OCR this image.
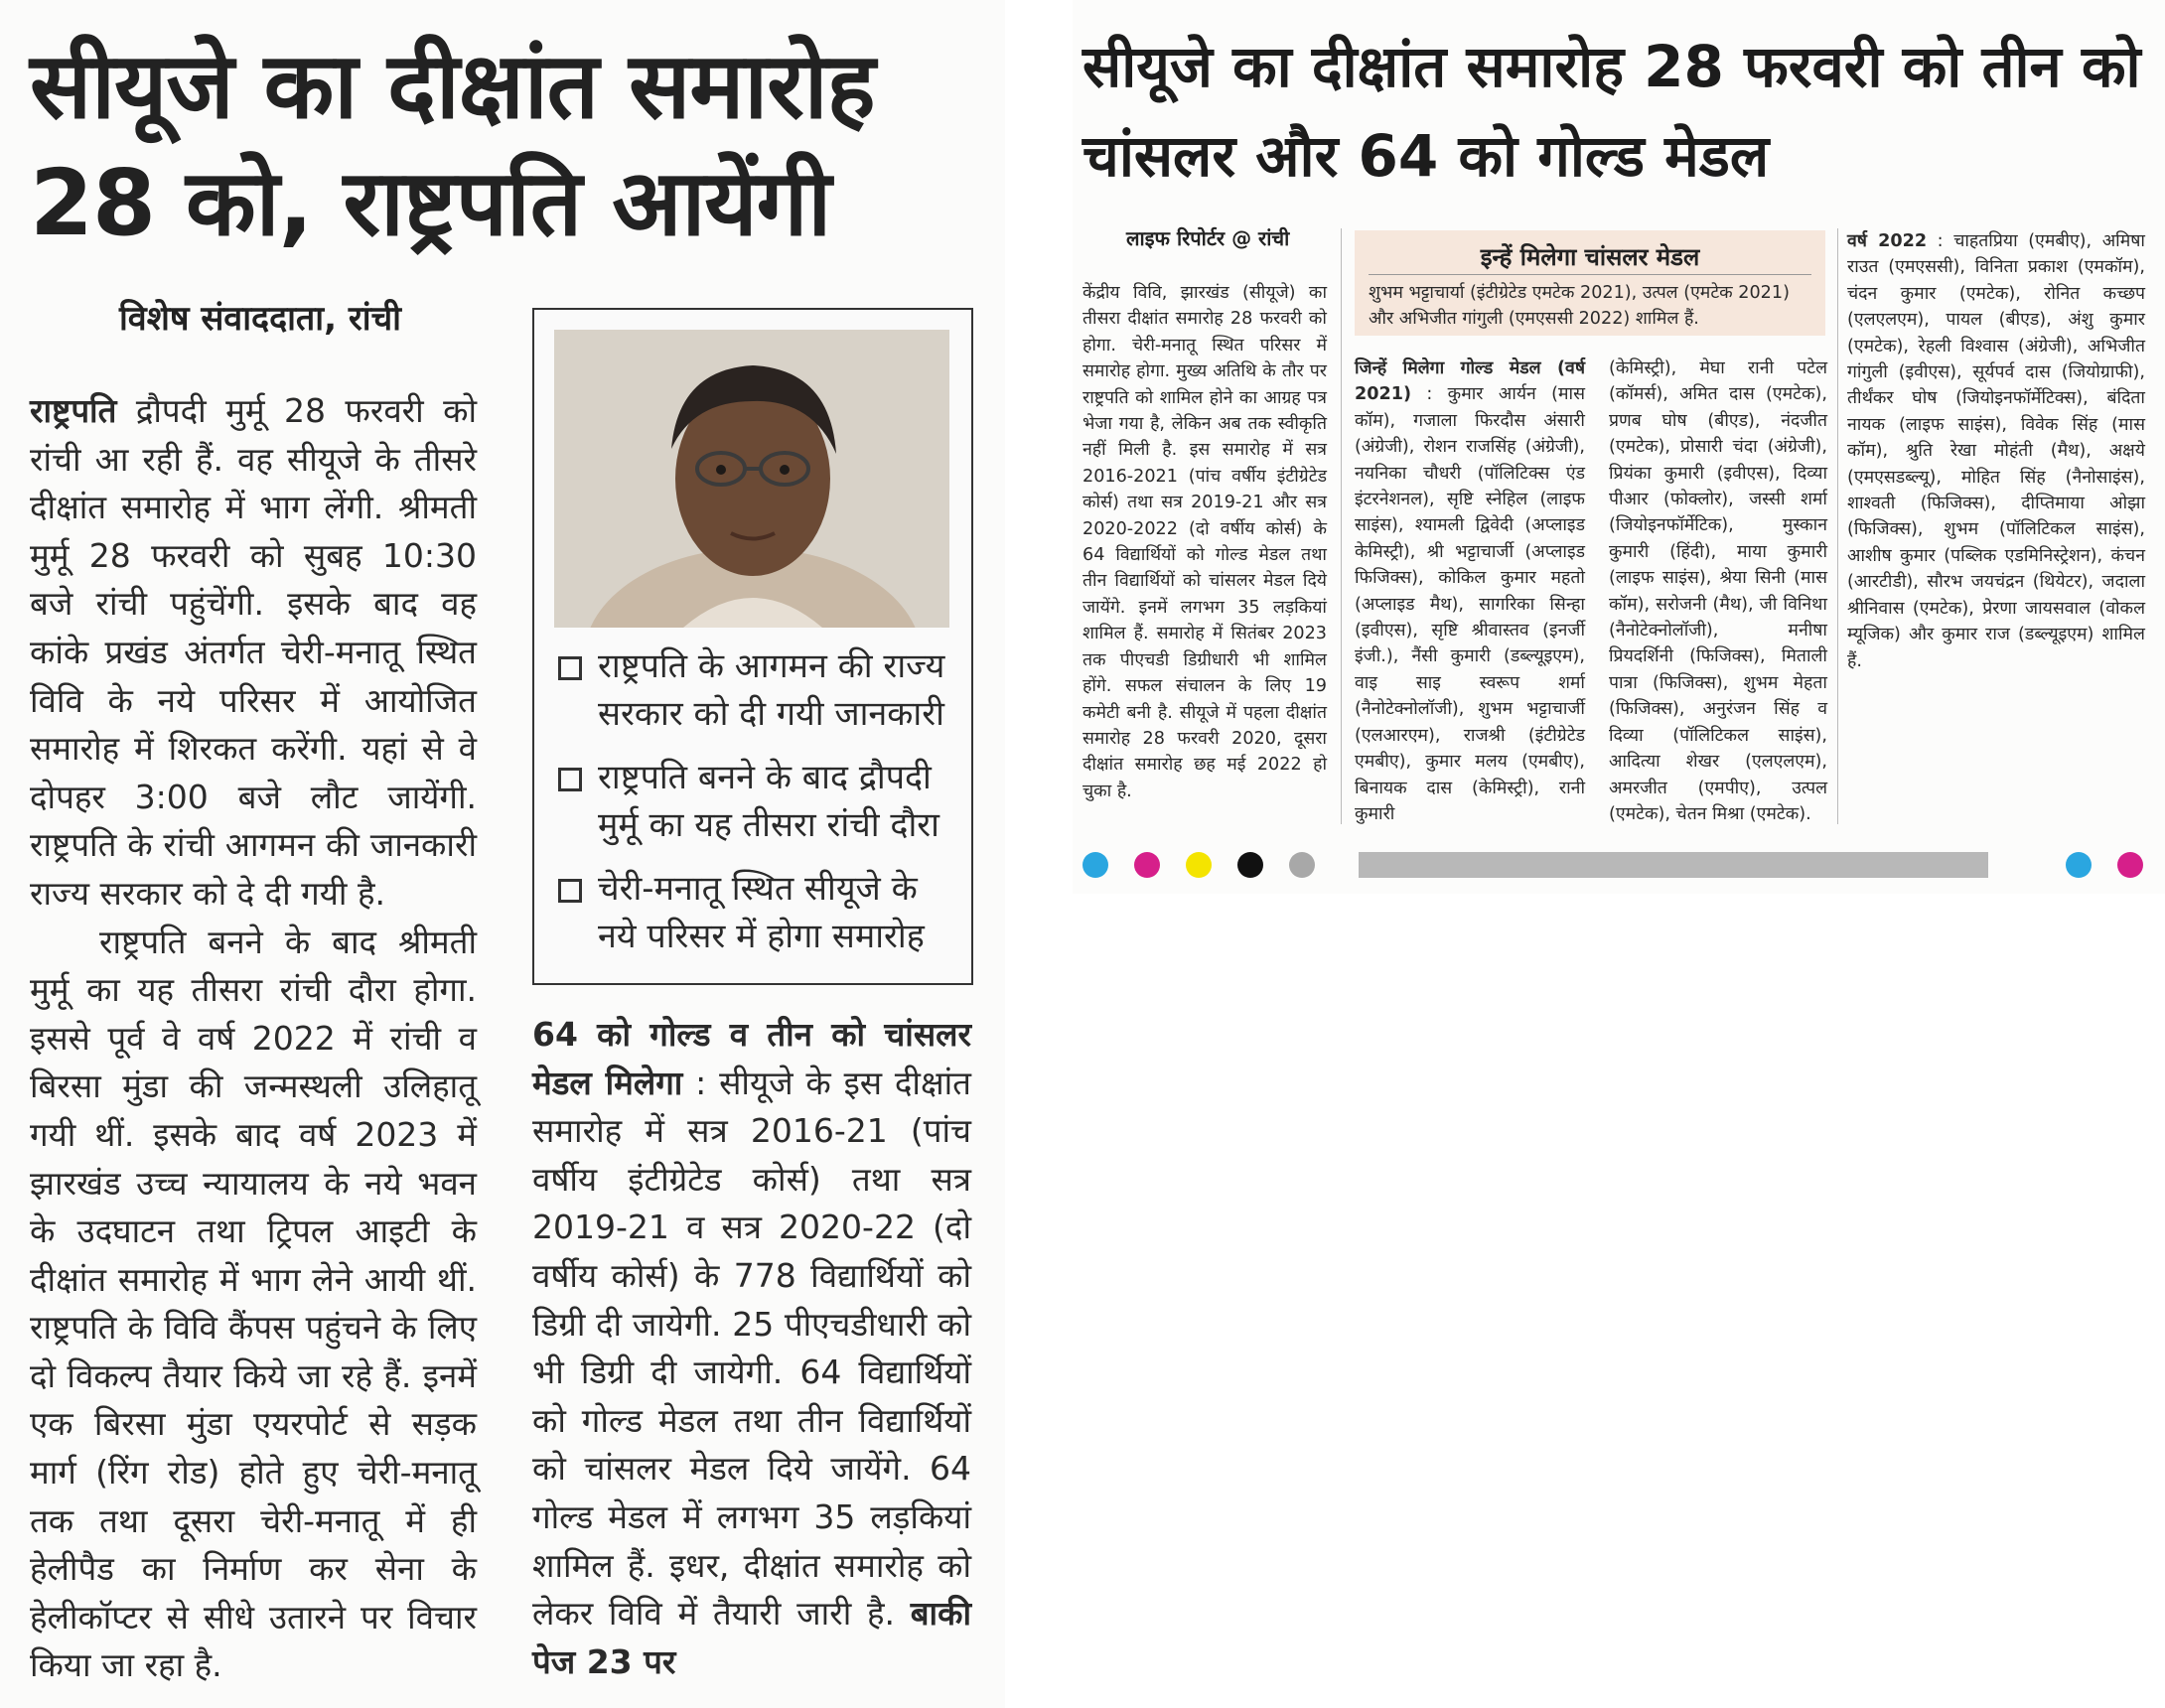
सीयूजे का दीक्षांत समारोह 28 को, राष्ट्रपति आयेंगी
विशेष संवाददाता, रांची

राष्ट्रपति द्रौपदी मुर्मू 28 फरवरी को रांची आ रही हैं. वह सीयूजे के तीसरे दीक्षांत समारोह में भाग लेंगी. श्रीमती मुर्मू 28 फरवरी को सुबह 10:30 बजे रांची पहुंचेंगी. इसके बाद वह कांके प्रखंड अंतर्गत चेरी-मनातू स्थित विवि के नये परिसर में आयोजित समारोह में शिरकत करेंगी. यहां से वे दोपहर 3:00 बजे लौट जायेंगी. राष्ट्रपति के रांची आगमन की जानकारी राज्य सरकार को दे दी गयी है.

राष्ट्रपति बनने के बाद श्रीमती मुर्मू का यह तीसरा रांची दौरा होगा. इससे पूर्व वे वर्ष 2022 में रांची व बिरसा मुंडा की जन्मस्थली उलिहातू गयी थीं. इसके बाद वर्ष 2023 में झारखंड उच्च न्यायालय के नये भवन के उदघाटन तथा ट्रिपल आइटी के दीक्षांत समारोह में भाग लेने आयी थीं. राष्ट्रपति के विवि कैंपस पहुंचने के लिए दो विकल्प तैयार किये जा रहे हैं. इनमें एक बिरसा मुंडा एयरपोर्ट से सड़क मार्ग (रिंग रोड) होते हुए चेरी-मनातू तक तथा दूसरा चेरी-मनातू में ही हेलीपैड का निर्माण कर सेना के हेलीकॉप्टर से सीधे उतारने पर विचार किया जा रहा है.

राष्ट्रपति के आगमन की राज्य सरकार को दी गयी जानकारी
राष्ट्रपति बनने के बाद द्रौपदी मुर्मू का यह तीसरा रांची दौरा
चेरी-मनातू स्थित सीयूजे के नये परिसर में होगा समारोह

64 को गोल्ड व तीन को चांसलर मेडल मिलेगा : सीयूजे के इस दीक्षांत समारोह में सत्र 2016-21 (पांच वर्षीय इंटीग्रेटेड कोर्स) तथा सत्र 2019-21 व सत्र 2020-22 (दो वर्षीय कोर्स) के 778 विद्यार्थियों को डिग्री दी जायेगी. 25 पीएचडीधारी को भी डिग्री दी जायेगी. 64 विद्यार्थियों को गोल्ड मेडल तथा तीन विद्यार्थियों को चांसलर मेडल दिये जायेंगे. 64 गोल्ड मेडल में लगभग 35 लड़कियां शामिल हैं. इधर, दीक्षांत समारोह को लेकर विवि में तैयारी जारी है. बाकी पेज 23 पर

सीयूजे का दीक्षांत समारोह 28 फरवरी को तीन को चांसलर और 64 को गोल्ड मेडल
लाइफ रिपोर्टर @ रांची

केंद्रीय विवि, झारखंड (सीयूजे) का तीसरा दीक्षांत समारोह 28 फरवरी को होगा. चेरी-मनातू स्थित परिसर में समारोह होगा. मुख्य अतिथि के तौर पर राष्ट्रपति को शामिल होने का आग्रह पत्र भेजा गया है, लेकिन अब तक स्वीकृति नहीं मिली है. इस समारोह में सत्र 2016-2021 (पांच वर्षीय इंटीग्रेटेड कोर्स) तथा सत्र 2019-21 और सत्र 2020-2022 (दो वर्षीय कोर्स) के 64 विद्यार्थियों को गोल्ड मेडल तथा तीन विद्यार्थियों को चांसलर मेडल दिये जायेंगे. इनमें लगभग 35 लड़कियां शामिल हैं. समारोह में सितंबर 2023 तक पीएचडी डिग्रीधारी भी शामिल होंगे. सफल संचालन के लिए 19 कमेटी बनी है. सीयूजे में पहला दीक्षांत समारोह 28 फरवरी 2020, दूसरा दीक्षांत समारोह छह मई 2022 हो चुका है.

इन्हें मिलेगा चांसलर मेडल
शुभम भट्टाचार्या (इंटीग्रेटेड एमटेक 2021), उत्पल (एमटेक 2021) और अभिजीत गांगुली (एमएससी 2022) शामिल हैं.

जिन्हें मिलेगा गोल्ड मेडल (वर्ष 2021) : कुमार आर्यन (मास कॉम), गजाला फिरदौस अंसारी (अंग्रेजी), रोशन राजसिंह (अंग्रेजी), नयनिका चौधरी (पॉलिटिक्स एंड इंटरनेशनल), सृष्टि स्नेहिल (लाइफ साइंस), श्यामली द्विवेदी (अप्लाइड केमिस्ट्री), श्री भट्टाचार्जी (अप्लाइड फिजिक्स), कोकिल कुमार महतो (अप्लाइड मैथ), सागरिका सिन्हा (इवीएस), सृष्टि श्रीवास्तव (इनर्जी इंजी.), नैंसी कुमारी (डब्ल्यूइएम), वाइ साइ स्वरूप शर्मा (नैनोटेक्नोलॉजी), शुभम भट्टाचार्जी (एलआरएम), राजश्री (इंटीग्रेटेड एमबीए), कुमार मलय (एमबीए), बिनायक दास (केमिस्ट्री), रानी कुमारी

(केमिस्ट्री), मेघा रानी पटेल (कॉमर्स), अमित दास (एमटेक), प्रणब घोष (बीएड), नंदजीत (एमटेक), प्रोसारी चंदा (अंग्रेजी), प्रियंका कुमारी (इवीएस), दिव्या पीआर (फोक्लोर), जस्सी शर्मा (जियोइनफॉर्मेटिक), मुस्कान कुमारी (हिंदी), माया कुमारी (लाइफ साइंस), श्रेया सिनी (मास कॉम), सरोजनी (मैथ), जी विनिथा (नैनोटेक्नोलॉजी), मनीषा प्रियदर्शिनी (फिजिक्स), मिताली पात्रा (फिजिक्स), शुभम मेहता (फिजिक्स), अनुरंजन सिंह व दिव्या (पॉलिटिकल साइंस), आदित्या शेखर (एलएलएम), अमरजीत (एमपीए), उत्पल (एमटेक), चेतन मिश्रा (एमटेक).

वर्ष 2022 : चाहतप्रिया (एमबीए), अमिषा राउत (एमएससी), विनिता प्रकाश (एमकॉम), चंदन कुमार (एमटेक), रोनित कच्छप (एलएलएम), पायल (बीएड), अंशु कुमार (एमटेक), रेहली विश्वास (अंग्रेजी), अभिजीत गांगुली (इवीएस), सूर्यपर्व दास (जियोग्राफी), तीर्थंकर घोष (जियोइनफॉर्मेटिक्स), बंदिता नायक (लाइफ साइंस), विवेक सिंह (मास कॉम), श्रुति रेखा मोहंती (मैथ), अक्षये (एमएसडब्ल्यू), मोहित सिंह (नैनोसाइंस), शाश्वती (फिजिक्स), दीप्तिमाया ओझा (फिजिक्स), शुभम (पॉलिटिकल साइंस), आशीष कुमार (पब्लिक एडमिनिस्ट्रेशन), कंचन (आरटीडी), सौरभ जयचंद्रन (थियेटर), जदाला श्रीनिवास (एमटेक), प्रेरणा जायसवाल (वोकल म्यूजिक) और कुमार राज (डब्ल्यूइएम) शामिल हैं.
